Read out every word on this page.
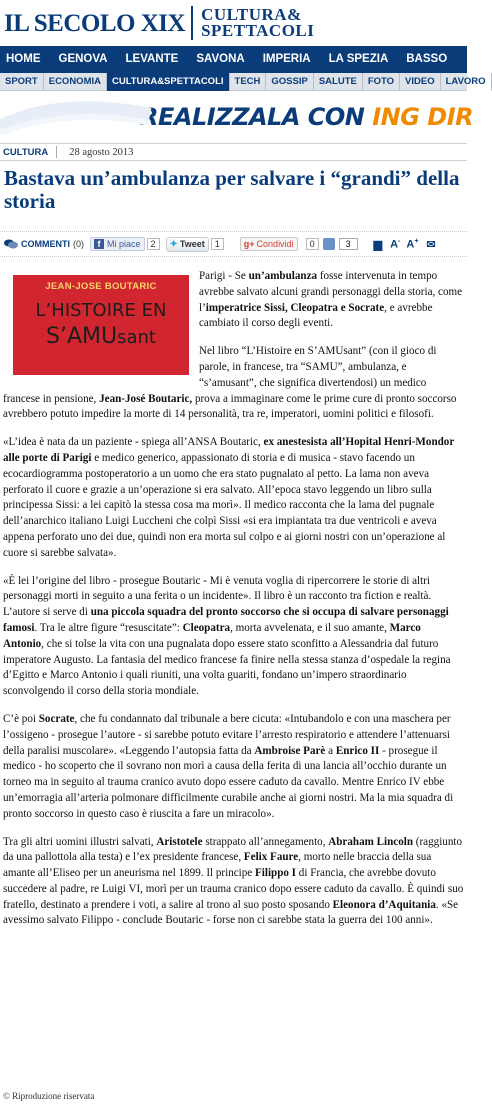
IL SECOLO XIX CULTURA&
SPETTACOLI
HOME	GENOVA	LEVANTE	SAVONA	IMPERIA	LA SPEZIA	BASSO
SPORT	ECONOMIA	CULTURA&SPETTACOLI	TECH	GOSSIP	SALUTE	FOTO	VIDEO	LAVORO
REALIZZALA CON ING DIR
CULTURA 28 agosto 2013
Bastava un’ambulanza per salvare i “grandi” della storia
COMMENTI (0)	f Mi piace	2	✦ Tweet	1	g+ Condividi	0	3	▆ A- A+ ✉
JEAN-JOSE BOUTARIC
L’HISTOIRE EN
S’AMUsant

Parigi - Se un’ambulanza fosse intervenuta in tempo avrebbe salvato alcuni grandi personaggi della storia, come l’imperatrice Sissi, Cleopatra e Socrate, e avrebbe cambiato il corso degli eventi.

Nel libro “L’Histoire en S’AMUsant” (con il gioco di parole, in francese, tra “SAMU”, ambulanza, e “s’amusant”, che significa divertendosi) un medico francese in pensione, Jean-José Boutaric, prova a immaginare come le prime cure di pronto soccorso avrebbero potuto impedire la morte di 14 personalità, tra re, imperatori, uomini politici e filosofi.

«L’idea è nata da un paziente - spiega all’ANSA Boutaric, ex anestesista all’Hopital Henri-Mondor alle porte di Parigi e medico generico, appassionato di storia e di musica - stavo facendo un ecocardiogramma postoperatorio a un uomo che era stato pugnalato al petto. La lama non aveva perforato il cuore e grazie a un’operazione si era salvato. All’epoca stavo leggendo un libro sulla principessa Sissi: a lei capitò la stessa cosa ma morì». Il medico racconta che la lama del pugnale dell’anarchico italiano Luigi Luccheni che colpì Sissi «si era impiantata tra due ventricoli e aveva appena perforato uno dei due, quindi non era morta sul colpo e ai giorni nostri con un’operazione al cuore si sarebbe salvata».

«È lei l’origine del libro - prosegue Boutaric - Mi è venuta voglia di ripercorrere le storie di altri personaggi morti in seguito a una ferita o un incidente». Il libro è un racconto tra fiction e realtà. L’autore si serve di una piccola squadra del pronto soccorso che si occupa di salvare personaggi famosi. Tra le altre figure “resuscitate”: Cleopatra, morta avvelenata, e il suo amante, Marco Antonio, che si tolse la vita con una pugnalata dopo essere stato sconfitto a Alessandria dal futuro imperatore Augusto. La fantasia del medico francese fa finire nella stessa stanza d’ospedale la regina d’Egitto e Marco Antonio i quali riuniti, una volta guariti, fondano un’impero straordinario sconvolgendo il corso della storia mondiale.

C’è poi Socrate, che fu condannato dal tribunale a bere cicuta: «Intubandolo e con una maschera per l’ossigeno - prosegue l’autore - si sarebbe potuto evitare l’arresto respiratorio e attendere l’attenuarsi della paralisi muscolare». «Leggendo l’autopsia fatta da Ambroise Parè a Enrico II - prosegue il medico - ho scoperto che il sovrano non morì a causa della ferita di una lancia all’occhio durante un torneo ma in seguito al trauma cranico avuto dopo essere caduto da cavallo. Mentre Enrico IV ebbe un’emorragia all’arteria polmonare difficilmente curabile anche ai giorni nostri. Ma la mia squadra di pronto soccorso in questo caso è riuscita a fare un miracolo».

Tra gli altri uomini illustri salvati, Aristotele strappato all’annegamento, Abraham Lincoln (raggiunto da una pallottola alla testa) e l’ex presidente francese, Felix Faure, morto nelle braccia della sua amante all’Eliseo per un aneurisma nel 1899. Il principe Filippo I di Francia, che avrebbe dovuto succedere al padre, re Luigi VI, morì per un trauma cranico dopo essere caduto da cavallo. È quindi suo fratello, destinato a prendere i voti, a salire al trono al suo posto sposando Eleonora d’Aquitania. «Se avessimo salvato Filippo - conclude Boutaric - forse non ci sarebbe stata la guerra dei 100 anni».

© Riproduzione riservata
